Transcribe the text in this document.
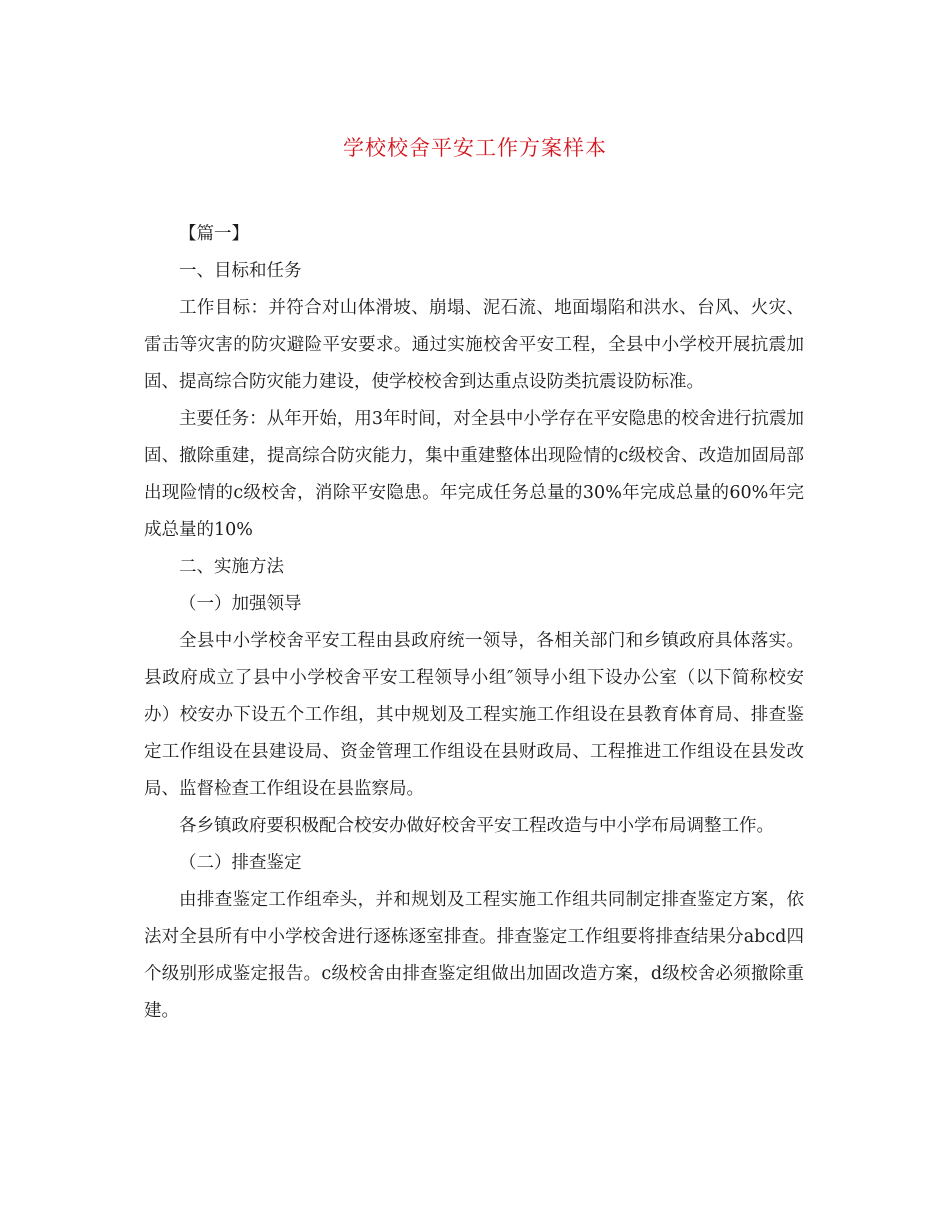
学校校舍平安工作方案样本

【篇一】

一、目标和任务

工作目标：并符合对山体滑坡、崩塌、泥石流、地面塌陷和洪水、台风、火灾、雷击等灾害的防灾避险平安要求。通过实施校舍平安工程，全县中小学校开展抗震加固、提高综合防灾能力建设，使学校校舍到达重点设防类抗震设防标准。

主要任务：从年开始，用3年时间，对全县中小学存在平安隐患的校舍进行抗震加固、撤除重建，提高综合防灾能力，集中重建整体出现险情的c级校舍、改造加固局部出现险情的c级校舍，消除平安隐患。年完成任务总量的30%年完成总量的60%年完成总量的10%

二、实施方法

（一）加强领导

全县中小学校舍平安工程由县政府统一领导，各相关部门和乡镇政府具体落实。县政府成立了县中小学校舍平安工程领导小组″领导小组下设办公室（以下简称校安办）校安办下设五个工作组，其中规划及工程实施工作组设在县教育体育局、排查鉴定工作组设在县建设局、资金管理工作组设在县财政局、工程推进工作组设在县发改局、监督检查工作组设在县监察局。

各乡镇政府要积极配合校安办做好校舍平安工程改造与中小学布局调整工作。

（二）排查鉴定

由排查鉴定工作组牵头，并和规划及工程实施工作组共同制定排查鉴定方案，依法对全县所有中小学校舍进行逐栋逐室排查。排查鉴定工作组要将排查结果分abcd四个级别形成鉴定报告。c级校舍由排查鉴定组做出加固改造方案，d级校舍必须撤除重建。
